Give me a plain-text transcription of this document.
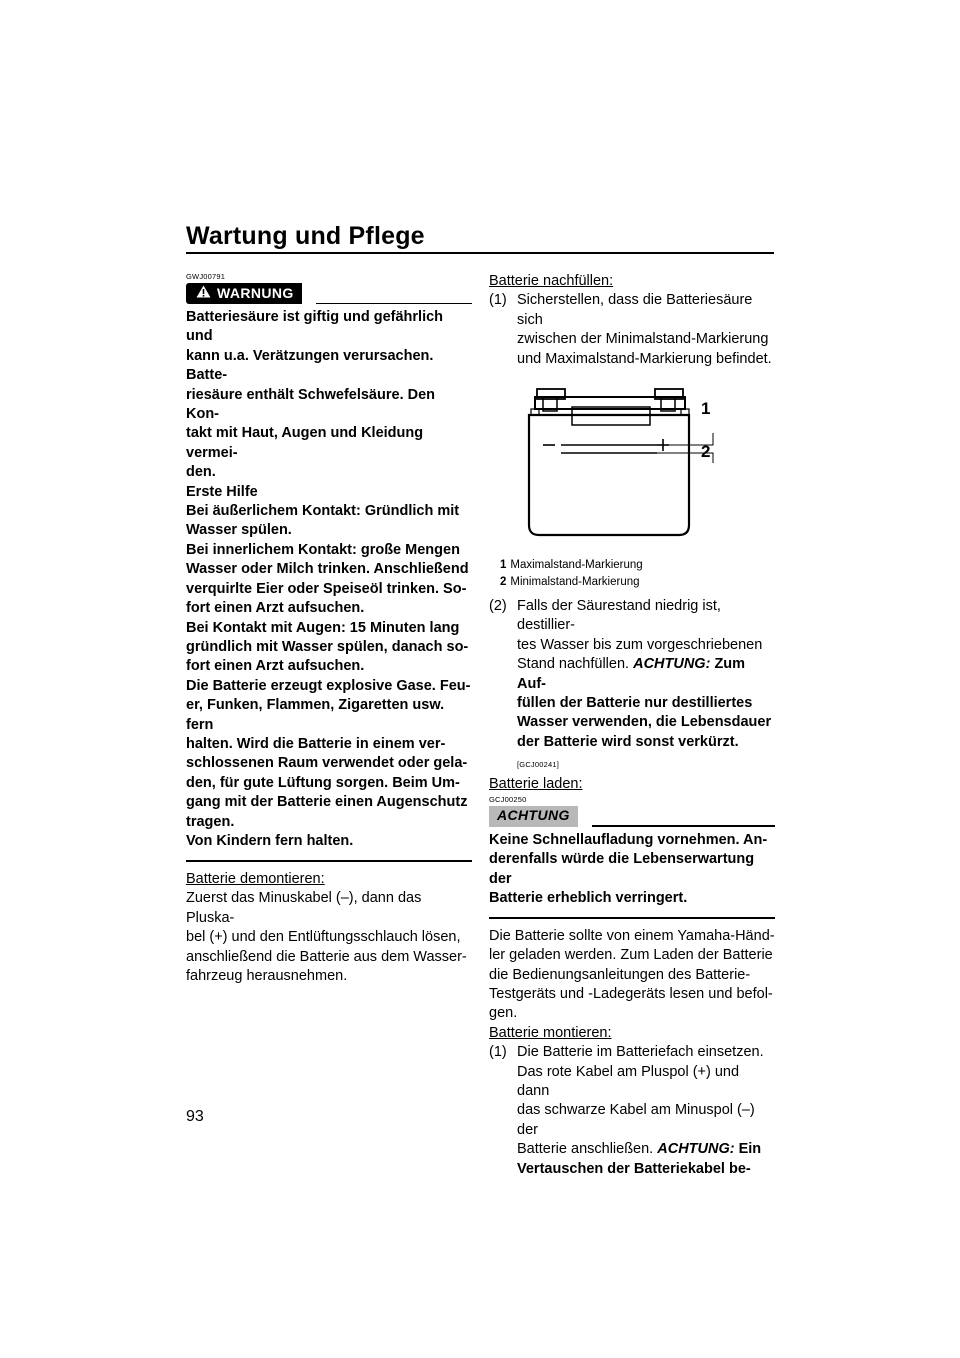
Wartung und Pflege
GWJ00791
WARNUNG
Batteriesäure ist giftig und gefährlich und
kann u.a. Verätzungen verursachen. Batte-
riesäure enthält Schwefelsäure. Den Kon-
takt mit Haut, Augen und Kleidung vermei-
den.
Erste Hilfe
Bei äußerlichem Kontakt: Gründlich mit
Wasser spülen.
Bei innerlichem Kontakt: große Mengen
Wasser oder Milch trinken. Anschließend
verquirlte Eier oder Speiseöl trinken. So-
fort einen Arzt aufsuchen.
Bei Kontakt mit Augen: 15 Minuten lang
gründlich mit Wasser spülen, danach so-
fort einen Arzt aufsuchen.
Die Batterie erzeugt explosive Gase. Feu-
er, Funken, Flammen, Zigaretten usw. fern
halten. Wird die Batterie in einem ver-
schlossenen Raum verwendet oder gela-
den, für gute Lüftung sorgen. Beim Um-
gang mit der Batterie einen Augenschutz
tragen.
Von Kindern fern halten.
Batterie demontieren:
Zuerst das Minuskabel (–), dann das Pluska-
bel (+) und den Entlüftungsschlauch lösen,
anschließend die Batterie aus dem Wasser-
fahrzeug herausnehmen.
Batterie nachfüllen:
(1) Sicherstellen, dass die Batteriesäure sich
zwischen der Minimalstand-Markierung
und Maximalstand-Markierung befindet.
1
2
1 Maximalstand-Markierung
2 Minimalstand-Markierung
(2) Falls der Säurestand niedrig ist, destillier-
tes Wasser bis zum vorgeschriebenen
Stand nachfüllen. ACHTUNG: Zum Auf-
füllen der Batterie nur destilliertes
Wasser verwenden, die Lebensdauer
der Batterie wird sonst verkürzt.
[GCJ00241]
Batterie laden:
GCJ00250
ACHTUNG
Keine Schnellaufladung vornehmen. An-
derenfalls würde die Lebenserwartung der
Batterie erheblich verringert.
Die Batterie sollte von einem Yamaha-Händ-
ler geladen werden. Zum Laden der Batterie
die Bedienungsanleitungen des Batterie-
Testgeräts und -Ladegeräts lesen und befol-
gen.
Batterie montieren:
(1) Die Batterie im Batteriefach einsetzen.
Das rote Kabel am Pluspol (+) und dann
das schwarze Kabel am Minuspol (–) der
Batterie anschließen. ACHTUNG: Ein
Vertauschen der Batteriekabel be-
93
